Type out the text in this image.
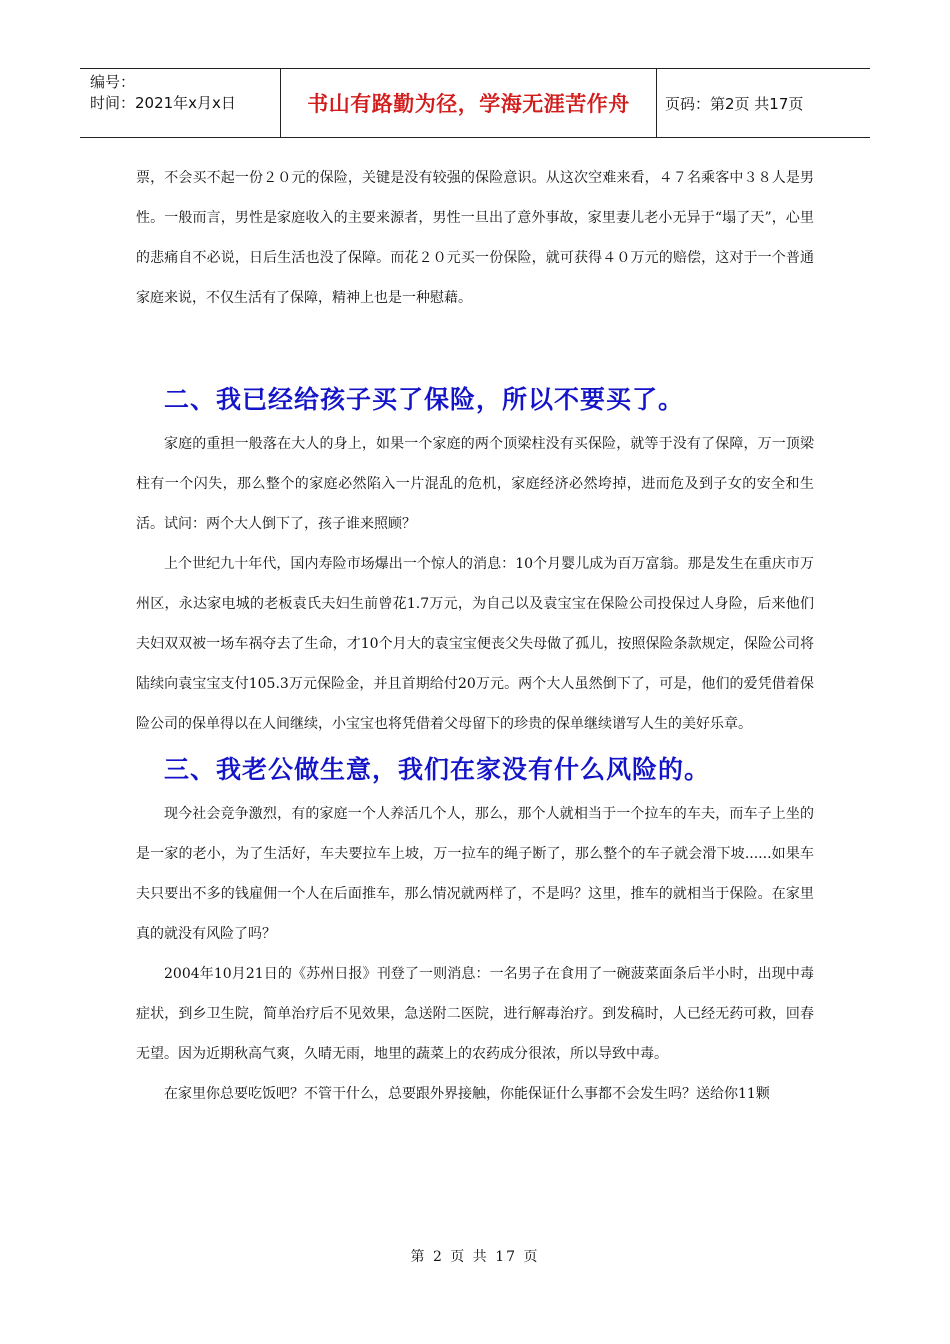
编号：
时间：2021年x月x日	书山有路勤为径，学海无涯苦作舟 页码：第2页 共17页

票，不会买不起一份２０元的保险，关键是没有较强的保险意识。从这次空难来看，４７名乘客中３８人是男性。一般而言，男性是家庭收入的主要来源者，男性一旦出了意外事故，家里妻儿老小无异于“塌了天”，心里的悲痛自不必说，日后生活也没了保障。而花２０元买一份保险，就可获得４０万元的赔偿，这对于一个普通家庭来说，不仅生活有了保障，精神上也是一种慰藉。

二、我已经给孩子买了保险，所以不要买了。

家庭的重担一般落在大人的身上，如果一个家庭的两个顶梁柱没有买保险，就等于没有了保障，万一顶梁柱有一个闪失，那么整个的家庭必然陷入一片混乱的危机，家庭经济必然垮掉，进而危及到子女的安全和生活。试问：两个大人倒下了，孩子谁来照顾？

上个世纪九十年代，国内寿险市场爆出一个惊人的消息：10个月婴儿成为百万富翁。那是发生在重庆市万州区，永达家电城的老板袁氏夫妇生前曾花1.7万元，为自己以及袁宝宝在保险公司投保过人身险，后来他们夫妇双双被一场车祸夺去了生命，才10个月大的袁宝宝便丧父失母做了孤儿，按照保险条款规定，保险公司将陆续向袁宝宝支付105.3万元保险金，并且首期给付20万元。两个大人虽然倒下了，可是，他们的爱凭借着保险公司的保单得以在人间继续，小宝宝也将凭借着父母留下的珍贵的保单继续谱写人生的美好乐章。

三、我老公做生意，我们在家没有什么风险的。

现今社会竞争激烈，有的家庭一个人养活几个人，那么，那个人就相当于一个拉车的车夫，而车子上坐的是一家的老小，为了生活好，车夫要拉车上坡，万一拉车的绳子断了，那么整个的车子就会滑下坡......如果车夫只要出不多的钱雇佣一个人在后面推车，那么情况就两样了，不是吗？这里，推车的就相当于保险。在家里真的就没有风险了吗？

2004年10月21日的《苏州日报》刊登了一则消息：一名男子在食用了一碗菠菜面条后半小时，出现中毒症状，到乡卫生院，简单治疗后不见效果，急送附二医院，进行解毒治疗。到发稿时，人已经无药可救，回春无望。因为近期秋高气爽，久晴无雨，地里的蔬菜上的农药成分很浓，所以导致中毒。

在家里你总要吃饭吧？不管干什么，总要跟外界接触，你能保证什么事都不会发生吗？送给你11颗

第 2 页 共 17 页
